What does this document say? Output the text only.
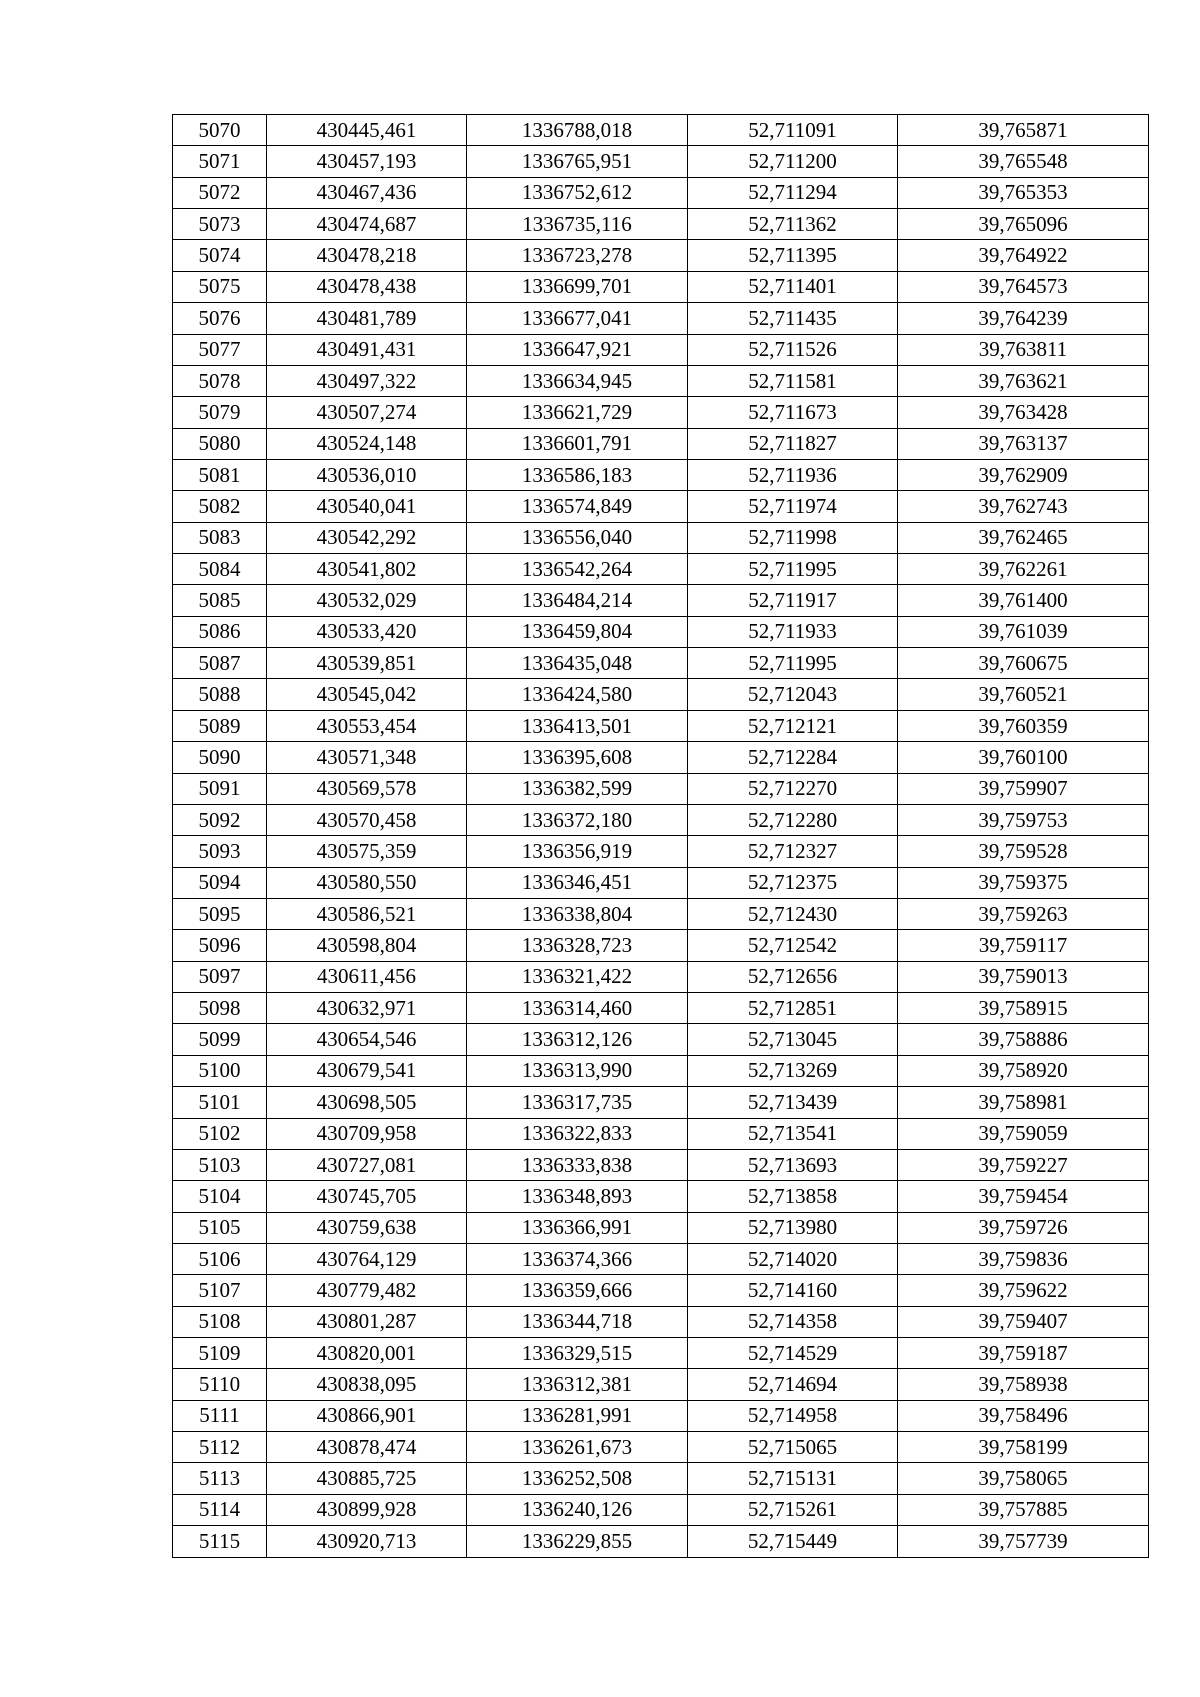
5070	430445,461	1336788,018	52,711091	39,765871
5071	430457,193	1336765,951	52,711200	39,765548
5072	430467,436	1336752,612	52,711294	39,765353
5073	430474,687	1336735,116	52,711362	39,765096
5074	430478,218	1336723,278	52,711395	39,764922
5075	430478,438	1336699,701	52,711401	39,764573
5076	430481,789	1336677,041	52,711435	39,764239
5077	430491,431	1336647,921	52,711526	39,763811
5078	430497,322	1336634,945	52,711581	39,763621
5079	430507,274	1336621,729	52,711673	39,763428
5080	430524,148	1336601,791	52,711827	39,763137
5081	430536,010	1336586,183	52,711936	39,762909
5082	430540,041	1336574,849	52,711974	39,762743
5083	430542,292	1336556,040	52,711998	39,762465
5084	430541,802	1336542,264	52,711995	39,762261
5085	430532,029	1336484,214	52,711917	39,761400
5086	430533,420	1336459,804	52,711933	39,761039
5087	430539,851	1336435,048	52,711995	39,760675
5088	430545,042	1336424,580	52,712043	39,760521
5089	430553,454	1336413,501	52,712121	39,760359
5090	430571,348	1336395,608	52,712284	39,760100
5091	430569,578	1336382,599	52,712270	39,759907
5092	430570,458	1336372,180	52,712280	39,759753
5093	430575,359	1336356,919	52,712327	39,759528
5094	430580,550	1336346,451	52,712375	39,759375
5095	430586,521	1336338,804	52,712430	39,759263
5096	430598,804	1336328,723	52,712542	39,759117
5097	430611,456	1336321,422	52,712656	39,759013
5098	430632,971	1336314,460	52,712851	39,758915
5099	430654,546	1336312,126	52,713045	39,758886
5100	430679,541	1336313,990	52,713269	39,758920
5101	430698,505	1336317,735	52,713439	39,758981
5102	430709,958	1336322,833	52,713541	39,759059
5103	430727,081	1336333,838	52,713693	39,759227
5104	430745,705	1336348,893	52,713858	39,759454
5105	430759,638	1336366,991	52,713980	39,759726
5106	430764,129	1336374,366	52,714020	39,759836
5107	430779,482	1336359,666	52,714160	39,759622
5108	430801,287	1336344,718	52,714358	39,759407
5109	430820,001	1336329,515	52,714529	39,759187
5110	430838,095	1336312,381	52,714694	39,758938
5111	430866,901	1336281,991	52,714958	39,758496
5112	430878,474	1336261,673	52,715065	39,758199
5113	430885,725	1336252,508	52,715131	39,758065
5114	430899,928	1336240,126	52,715261	39,757885
5115	430920,713	1336229,855	52,715449	39,757739
